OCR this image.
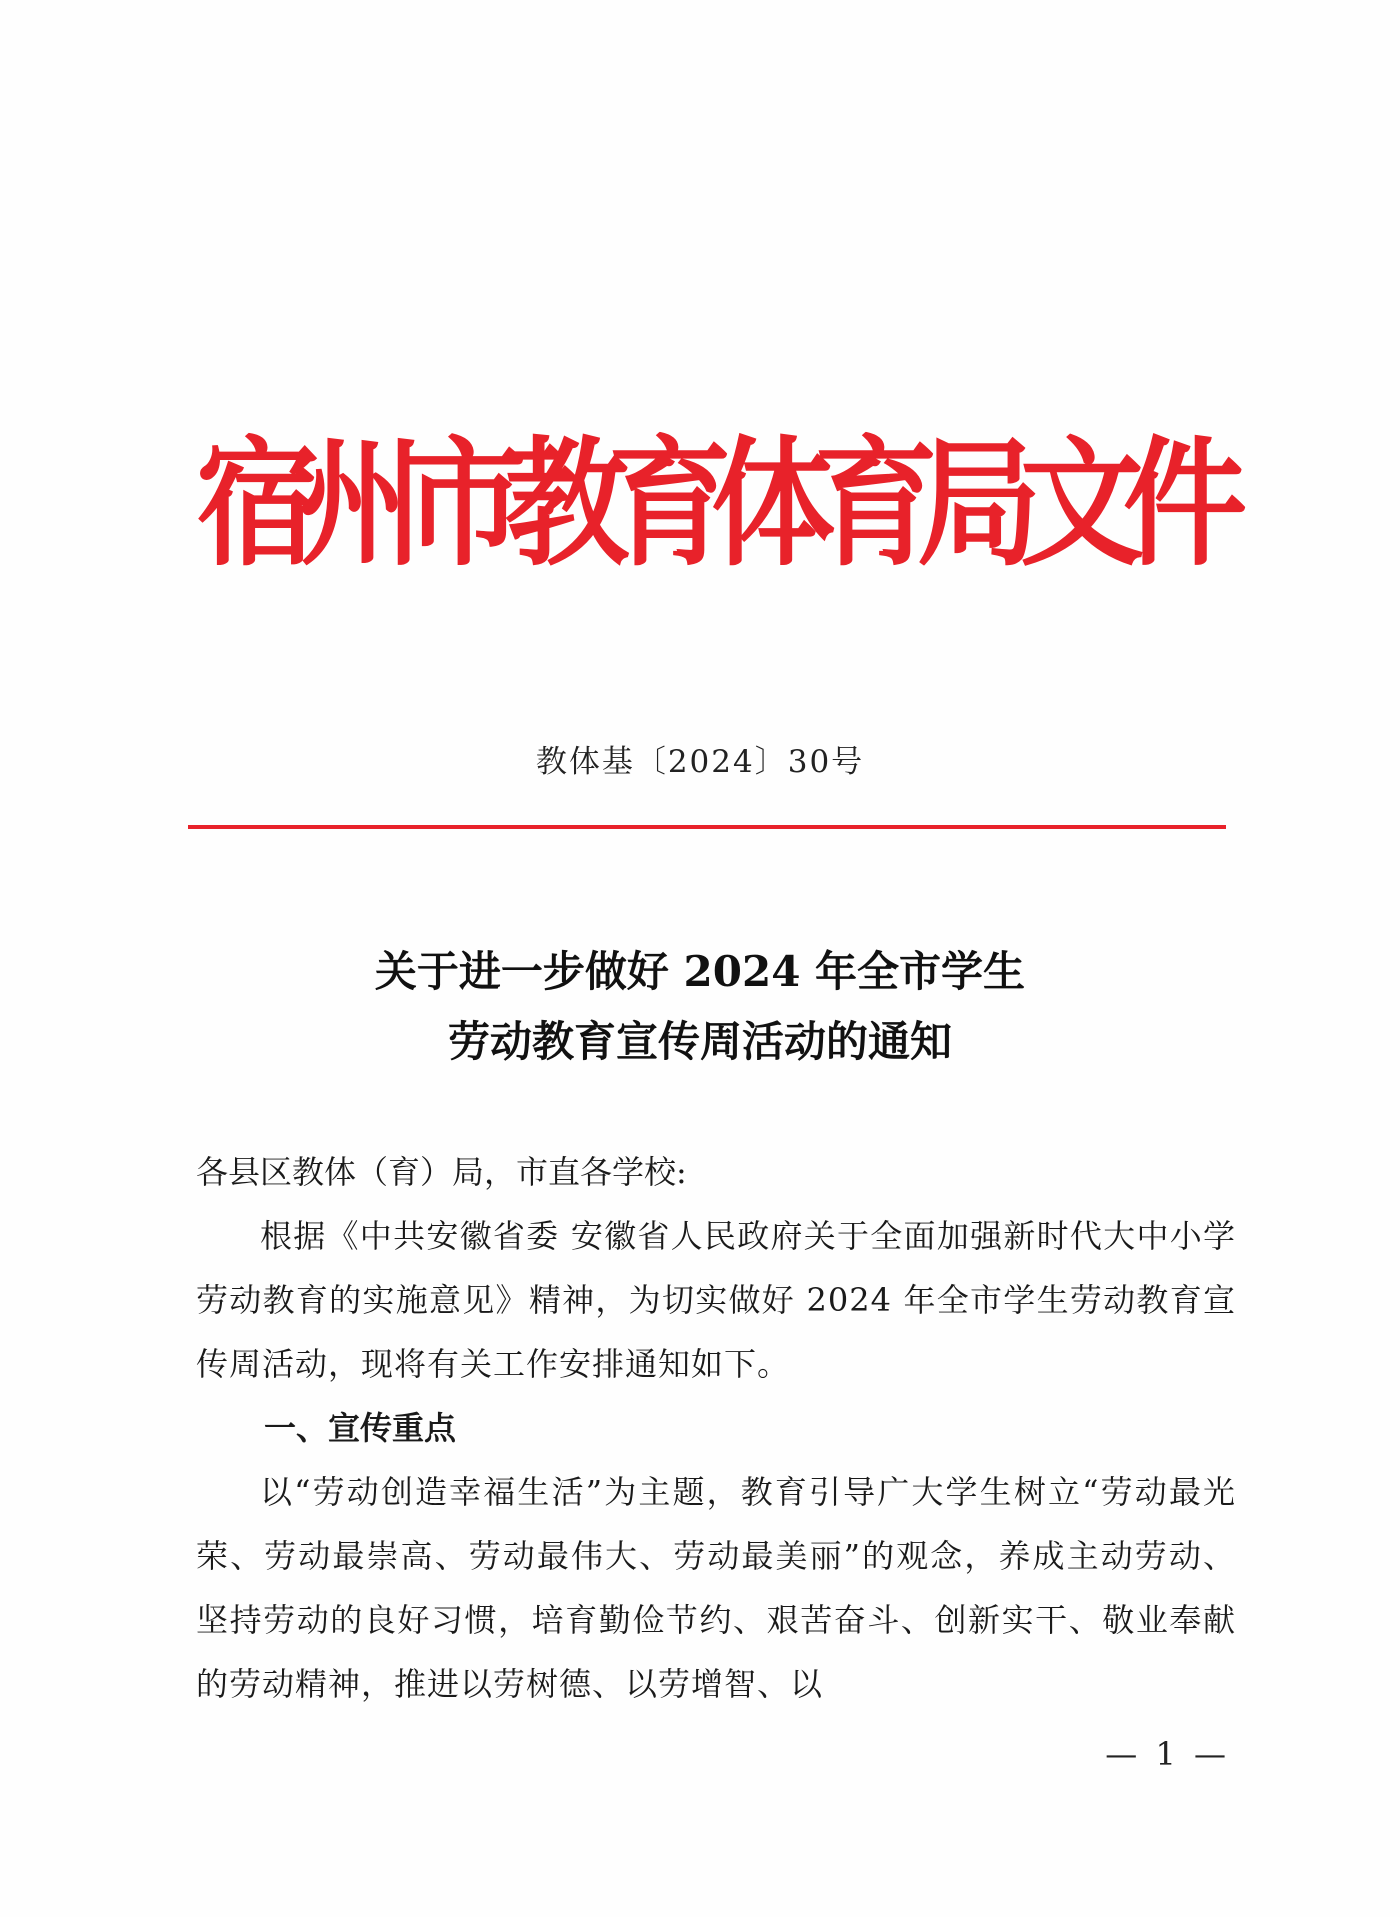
宿
州
市
教
育
体
育
局
文
件
教体基〔2024〕30号
关于进一步做好 2024 年全市学生
劳动教育宣传周活动的通知
各县区教体（育）局，市直各学校:
根据《中共安徽省委 安徽省人民政府关于全面加强新时代大中小学劳动教育的实施意见》精神，为切实做好 2024 年全市学生劳动教育宣传周活动，现将有关工作安排通知如下。
一、宣传重点
以“劳动创造幸福生活”为主题，教育引导广大学生树立“劳动最光荣、劳动最崇高、劳动最伟大、劳动最美丽”的观念，养成主动劳动、坚持劳动的良好习惯，培育勤俭节约、艰苦奋斗、创新实干、敬业奉献的劳动精神，推进以劳树德、以劳增智、以
— 1 —
